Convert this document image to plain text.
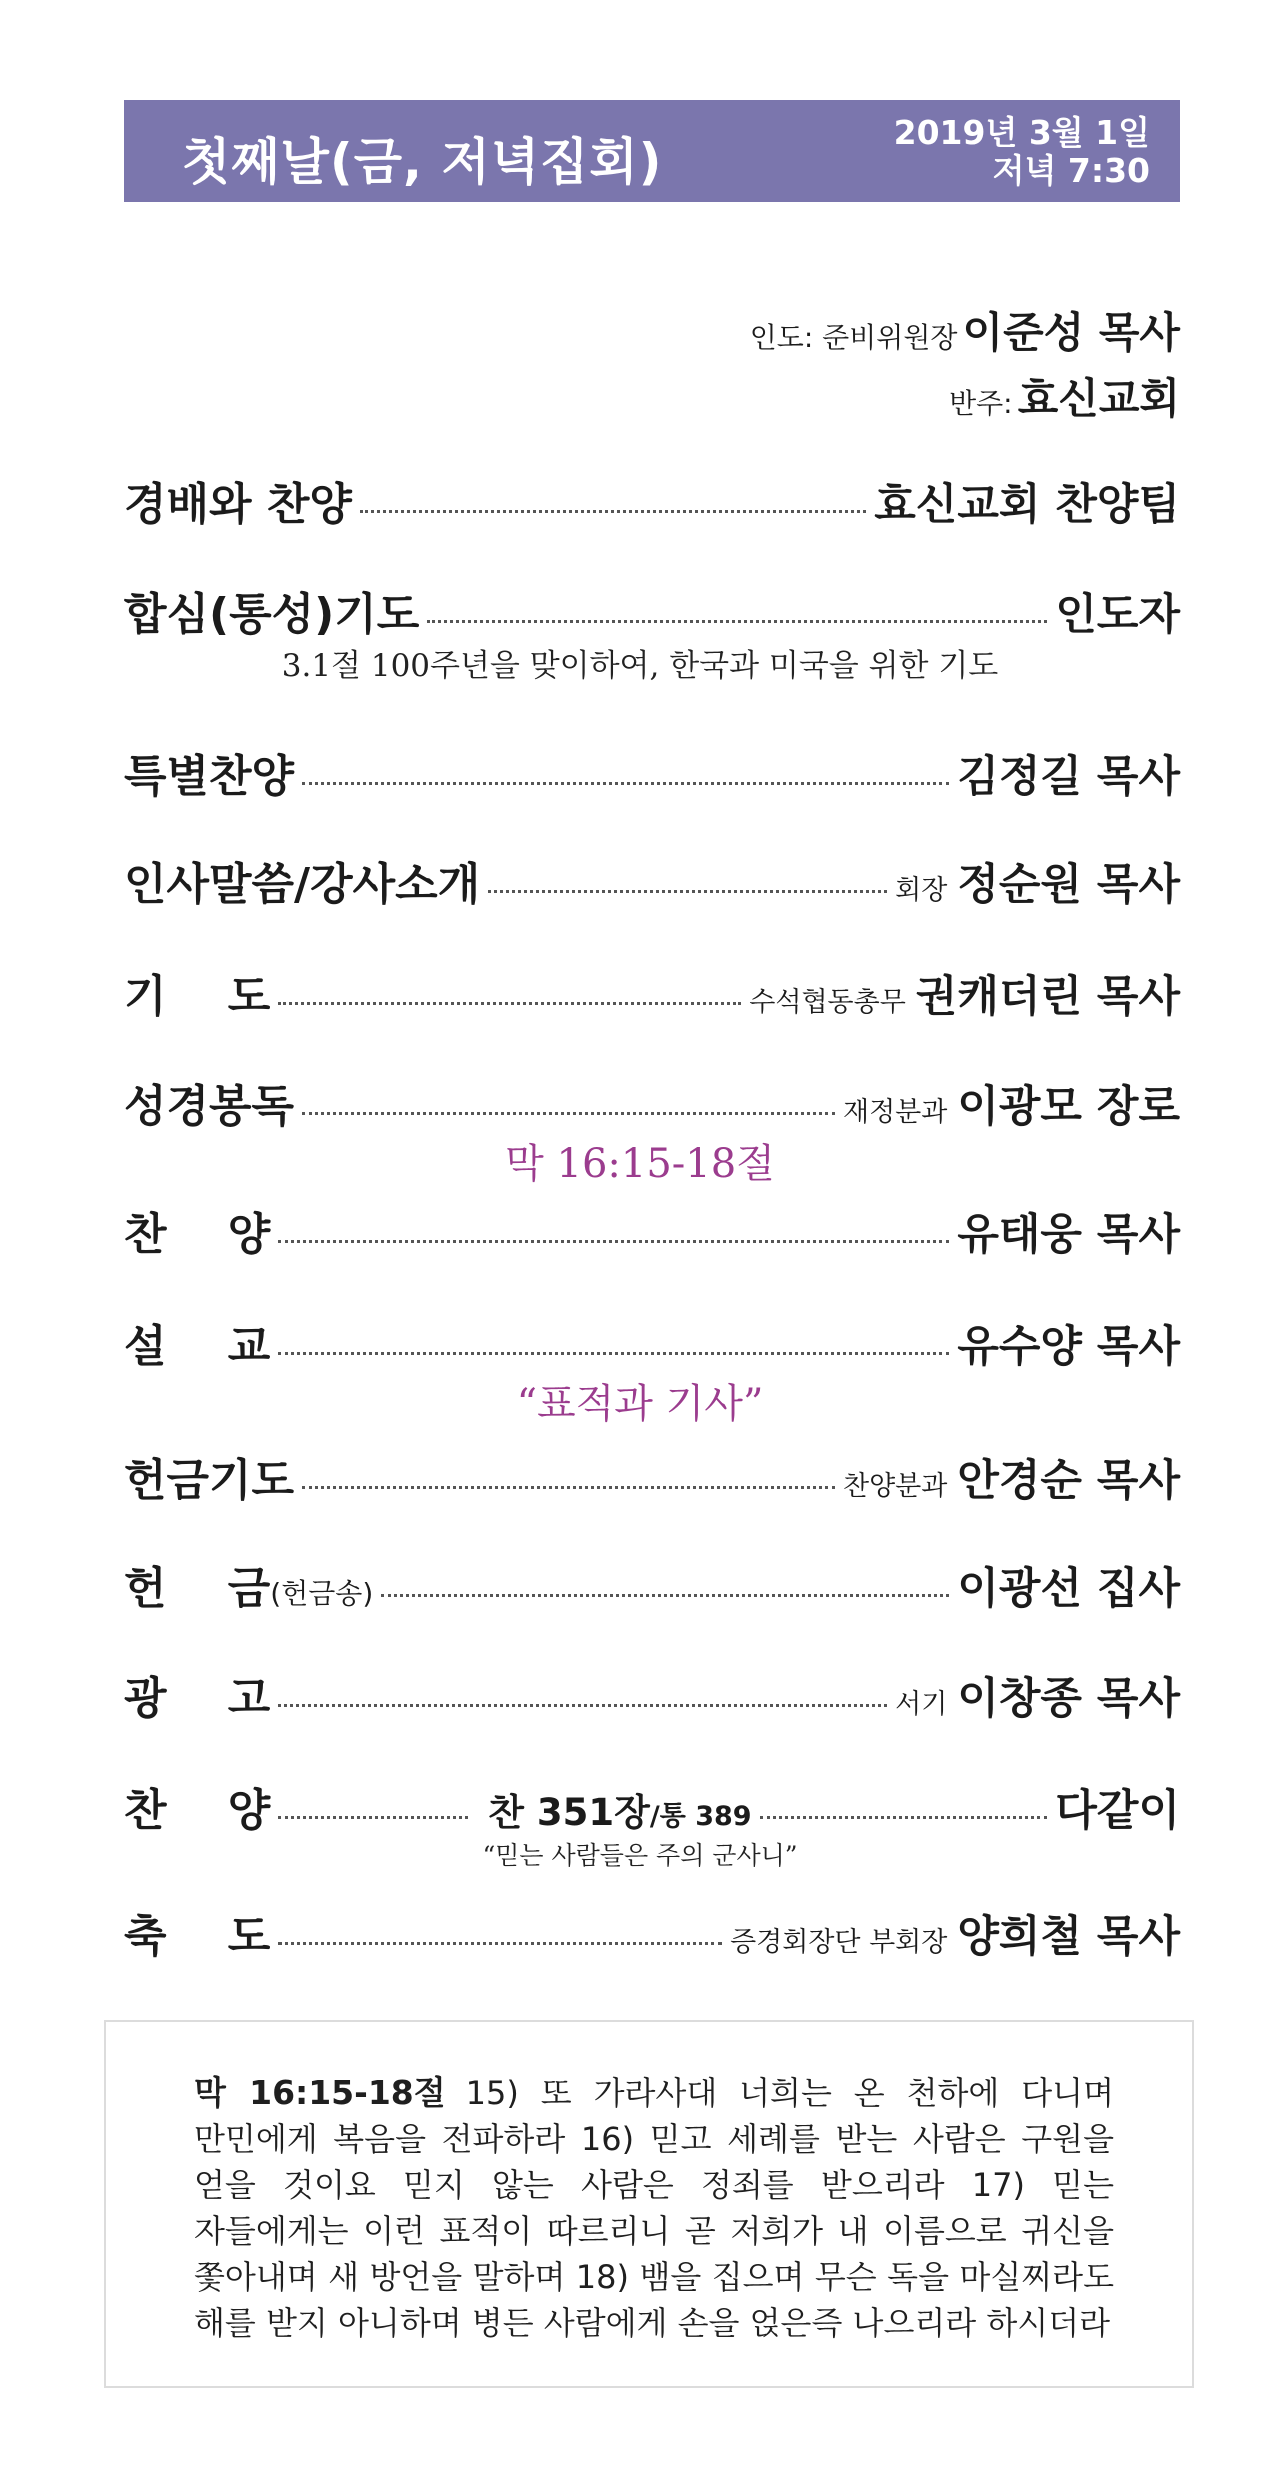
첫째날(금, 저녁집회)
2019년 3월 1일
저녁 7:30
인도: 준비위원장 이준성 목사
반주: 효신교회
경배와 찬양	효신교회 찬양팀
합심(통성)기도	인도자
3.1절 100주년을 맞이하여, 한국과 미국을 위한 기도
특별찬양	김정길 목사
인사말씀/강사소개	회장 정순원 목사
기    도	수석협동총무 권캐더린 목사
성경봉독	재정분과 이광모 장로
막 16:15-18절
찬    양	유태웅 목사
설    교	유수양 목사
“표적과 기사”
헌금기도	찬양분과 안경순 목사
헌    금 (헌금송)	이광선 집사
광    고	서기 이창종 목사
찬    양	찬 351장/통 389	다같이
“믿는 사람들은 주의 군사니”
축    도	증경회장단 부회장 양희철 목사
막 16:15-18절 15) 또 가라사대 너희는 온 천하에 다니며 만민에게 복음을 전파하라 16) 믿고 세례를 받는 사람은 구원을 얻을 것이요 믿지 않는 사람은 정죄를 받으리라 17) 믿는 자들에게는 이런 표적이 따르리니 곧 저희가 내 이름으로 귀신을 쫓아내며 새 방언을 말하며 18) 뱀을 집으며 무슨 독을 마실찌라도 해를 받지 아니하며 병든 사람에게 손을 얹은즉 나으리라 하시더라
